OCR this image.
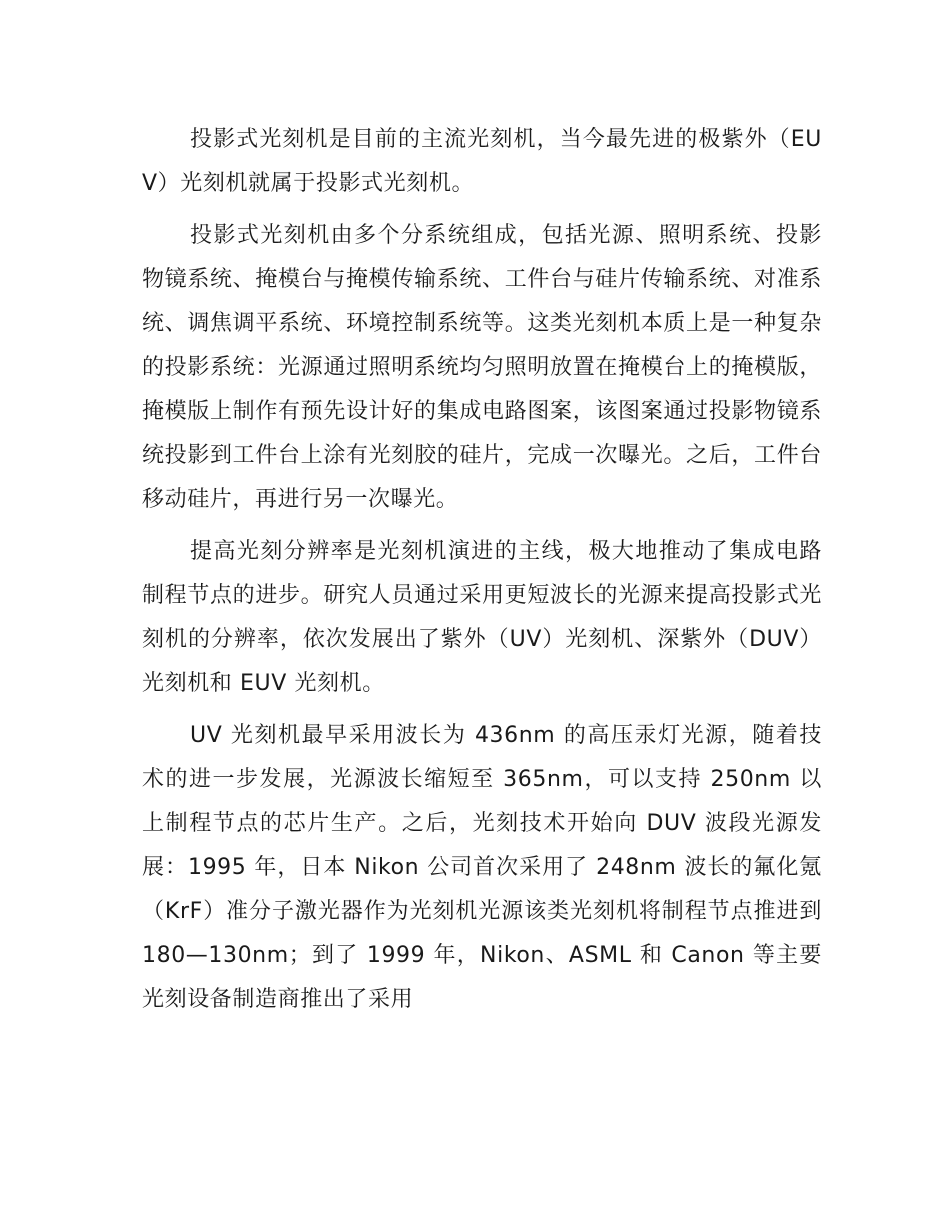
投影式光刻机是目前的主流光刻机，当今最先进的极紫外（EUV）光刻机就属于投影式光刻机。

投影式光刻机由多个分系统组成，包括光源、照明系统、投影物镜系统、掩模台与掩模传输系统、工件台与硅片传输系统、对准系统、调焦调平系统、环境控制系统等。这类光刻机本质上是一种复杂的投影系统：光源通过照明系统均匀照明放置在掩模台上的掩模版，掩模版上制作有预先设计好的集成电路图案，该图案通过投影物镜系统投影到工件台上涂有光刻胶的硅片，完成一次曝光。之后，工件台移动硅片，再进行另一次曝光。

提高光刻分辨率是光刻机演进的主线，极大地推动了集成电路制程节点的进步。研究人员通过采用更短波长的光源来提高投影式光刻机的分辨率，依次发展出了紫外（UV）光刻机、深紫外（DUV）光刻机和 EUV 光刻机。

UV 光刻机最早采用波长为 436nm 的高压汞灯光源，随着技术的进一步发展，光源波长缩短至 365nm，可以支持 250nm 以上制程节点的芯片生产。之后，光刻技术开始向 DUV 波段光源发展：1995 年，日本 Nikon 公司首次采用了 248nm 波长的氟化氪（KrF）准分子激光器作为光刻机光源该类光刻机将制程节点推进到 180—130nm；到了 1999 年，Nikon、ASML 和 Canon 等主要光刻设备制造商推出了采用
